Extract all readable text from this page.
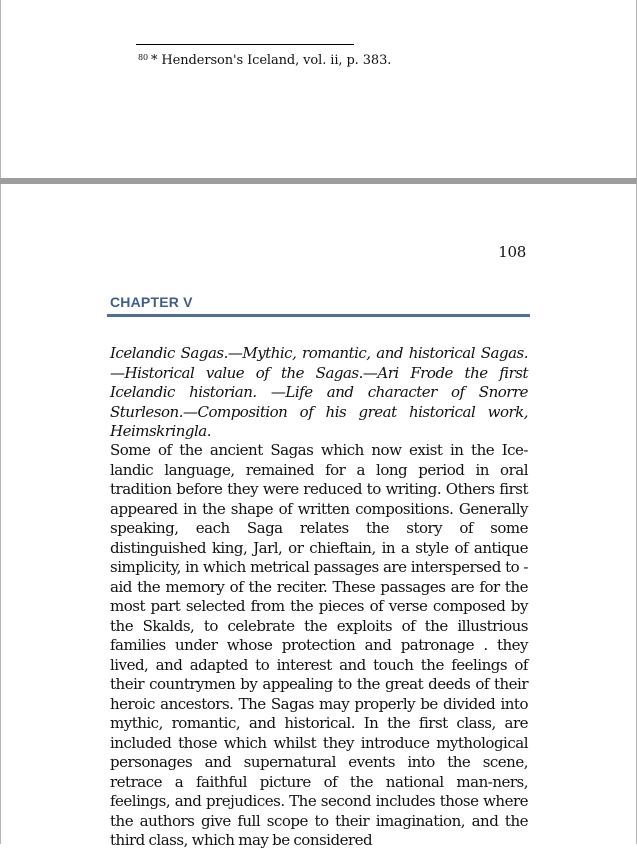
$^{80}$ * Henderson's Iceland, vol. ii, p. 383.
108
CHAPTER V

Icelandic Sagas.—Mythic, romantic, and historical Sagas.—Historical value of the Sagas.—Ari Frode the first Icelandic historian. —Life and character of Snorre Sturleson.—Composition of his great historical work, Heimskringla.

Some of the ancient Sagas which now exist in the Ice-landic language, remained for a long period in oral tradition before they were reduced to writing. Others first appeared in the shape of written compositions. Generally speaking, each Saga relates the story of some distinguished king, Jarl, or chieftain, in a style of antique simplicity, in which metrical passages are interspersed to -aid the memory of the reciter. These passages are for the most part selected from the pieces of verse composed by the Skalds, to celebrate the exploits of the illustrious families under whose protection and patronage . they lived, and adapted to interest and touch the feelings of their countrymen by appealing to the great deeds of their heroic ancestors. The Sagas may properly be divided into mythic, romantic, and historical. In the first class, are included those which whilst they introduce mythological personages and supernatural events into the scene, retrace a faithful picture of the national man-ners, feelings, and prejudices. The second includes those where the authors give full scope to their imagination, and the third class, which may be considered
